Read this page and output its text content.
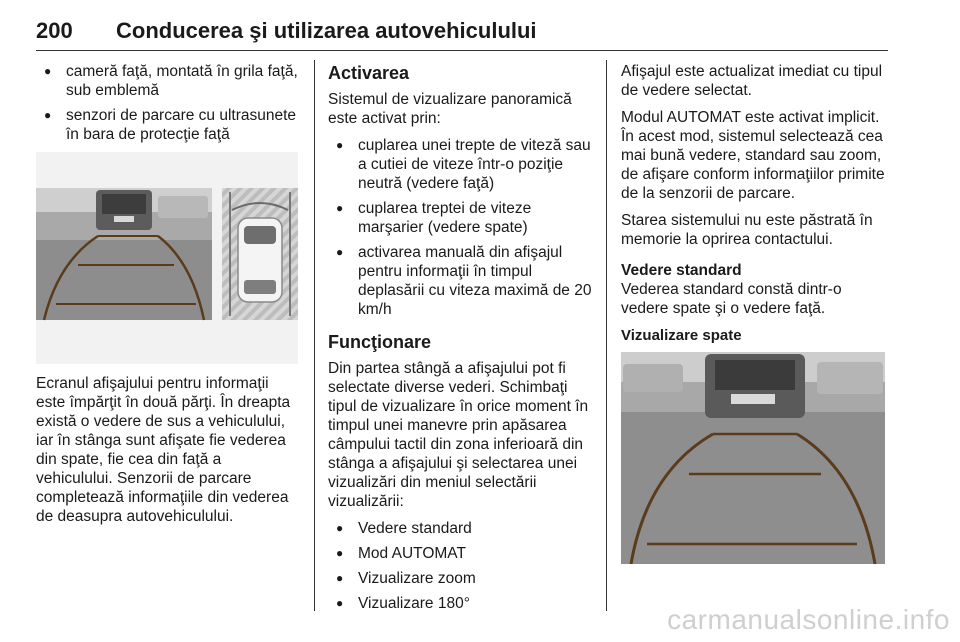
200 Conducerea şi utilizarea autovehiculului
● cameră faţă, montată în grila faţă, sub emblemă
● senzori de parcare cu ultrasunete în bara de protecţie faţă
Ecranul afişajului pentru informaţii este împărţit în două părţi. În dreapta există o vedere de sus a vehiculului, iar în stânga sunt afişate fie vederea din spate, fie cea din faţă a vehiculului. Senzorii de parcare completează informaţiile din vederea de deasupra autovehiculului.
Activarea
Sistemul de vizualizare panoramică este activat prin:
● cuplarea unei trepte de viteză sau a cutiei de viteze într-o poziţie neutră (vedere faţă)
● cuplarea treptei de viteze marşarier (vedere spate)
● activarea manuală din afişajul pentru informaţii în timpul deplasării cu viteza maximă de 20 km/h
Funcţionare
Din partea stângă a afişajului pot fi selectate diverse vederi. Schimbaţi tipul de vizualizare în orice moment în timpul unei manevre prin apăsarea câmpului tactil din zona inferioară din stânga a afişajului şi selectarea unei vizualizări din meniul selectării vizualizării:
● Vedere standard
● Mod AUTOMAT
● Vizualizare zoom
● Vizualizare 180°
Afişajul este actualizat imediat cu tipul de vedere selectat.
Modul AUTOMAT este activat implicit. În acest mod, sistemul selectează cea mai bună vedere, standard sau zoom, de afişare conform informaţiilor primite de la senzorii de parcare.
Starea sistemului nu este păstrată în memorie la oprirea contactului.
Vedere standard
Vederea standard constă dintr-o vedere spate şi o vedere faţă.
Vizualizare spate
carmanualsonline.info
